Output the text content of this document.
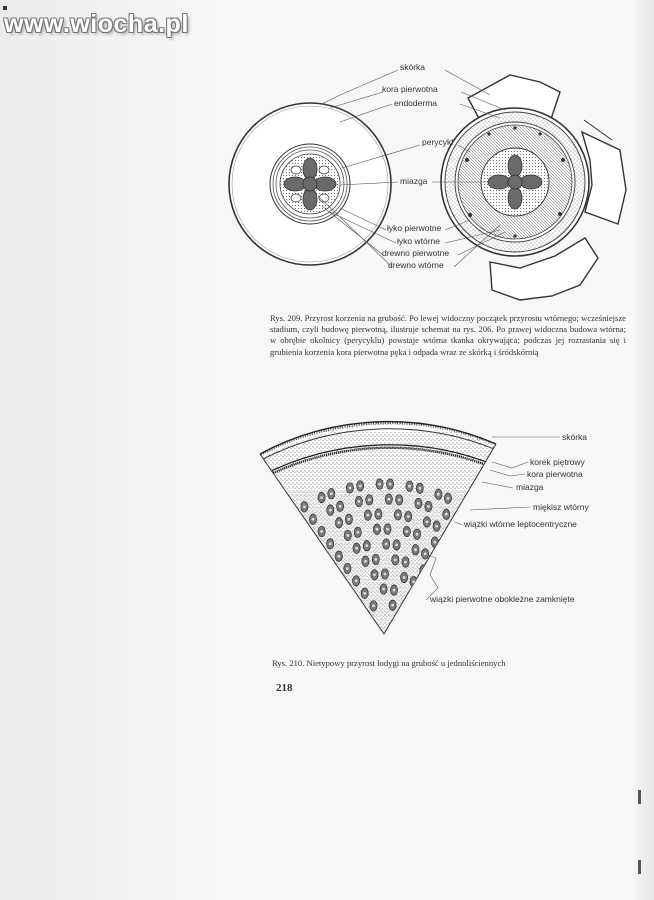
www.wiocha.pl
skórka
kora pierwotna
endoderma
perycykl
miazga
łyko pierwotne
łyko wtórne
drewno pierwotne
drewno wtórne
Rys. 209. Przyrost korzenia na grubość. Po lewej widoczny początek przyrostu wtórnego; wcześniejsze stadium, czyli budowę pierwotną, ilustruje schemat na rys. 206. Po prawej widoczna budowa wtórna; w obrębie okolnicy (perycyklu) powstaje wtórna tkanka okrywająca; podczas jej rozrastania się i grubienia korzenia kora pierwotna pęka i odpada wraz ze skórką i śródskórnią
skórka
korek piętrowy
kora pierwotna
miazga
miękisz wtórny
wiązki wtórne leptocentryczne
wiązki pierwotne obokleżne zamknięte
Rys. 210. Nietypowy przyrost łodygi na grubość u jednoliściennych
218
